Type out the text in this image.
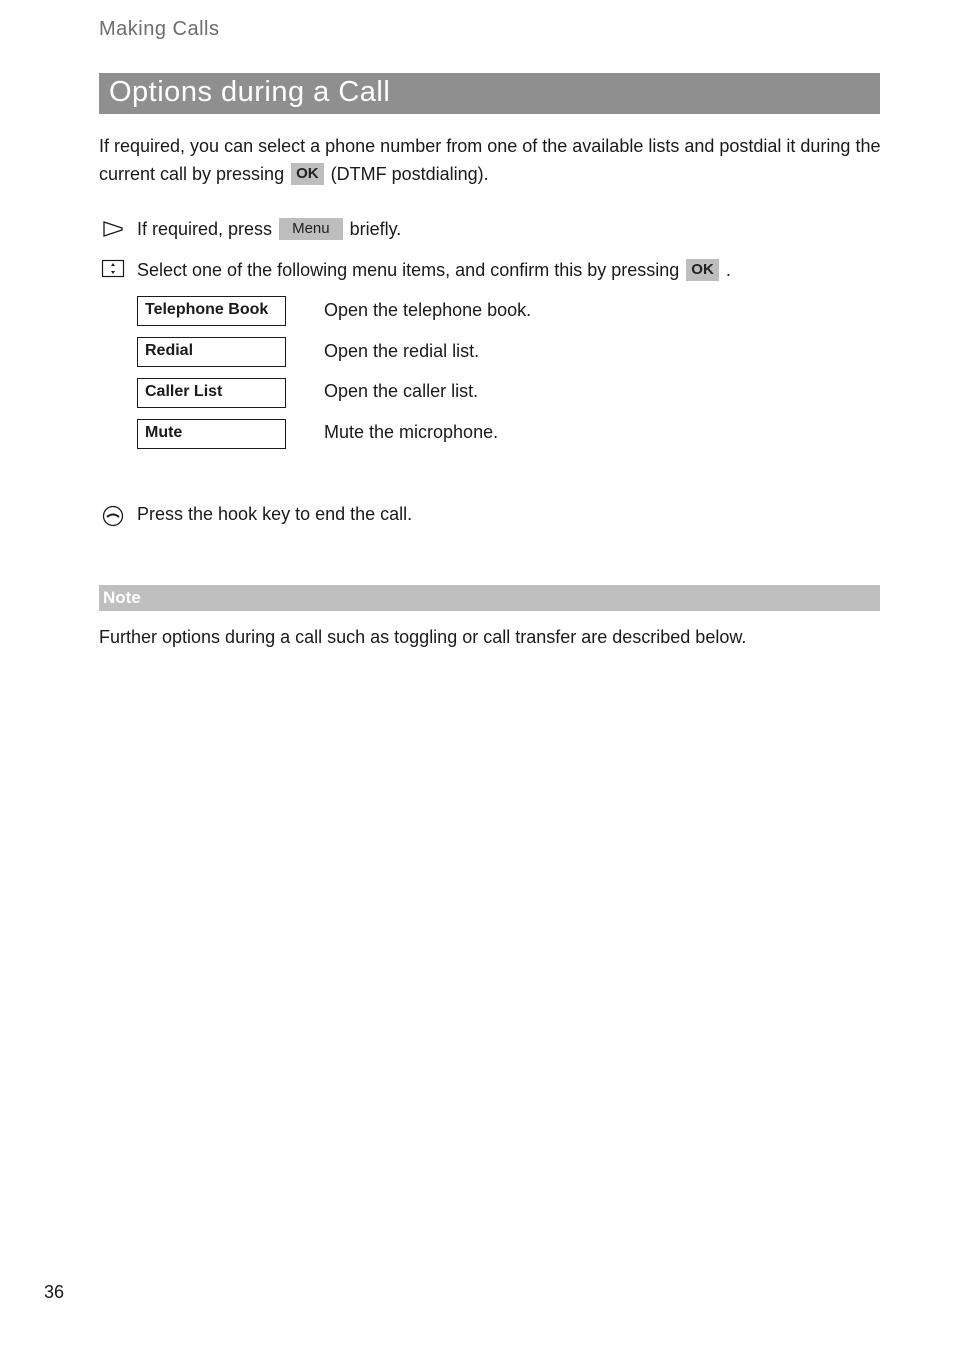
Making Calls
Options during a Call
If required, you can select a phone number from one of the available lists and postdial it during the
current call by pressing OK (DTMF postdialing).
If required, press Menu briefly.
Select one of the following menu items, and confirm this by pressing OK .
Telephone Book	Open the telephone book.
Redial	Open the redial list.
Caller List	Open the caller list.
Mute	Mute the microphone.
Press the hook key to end the call.
Note
Further options during a call such as toggling or call transfer are described below.
36
